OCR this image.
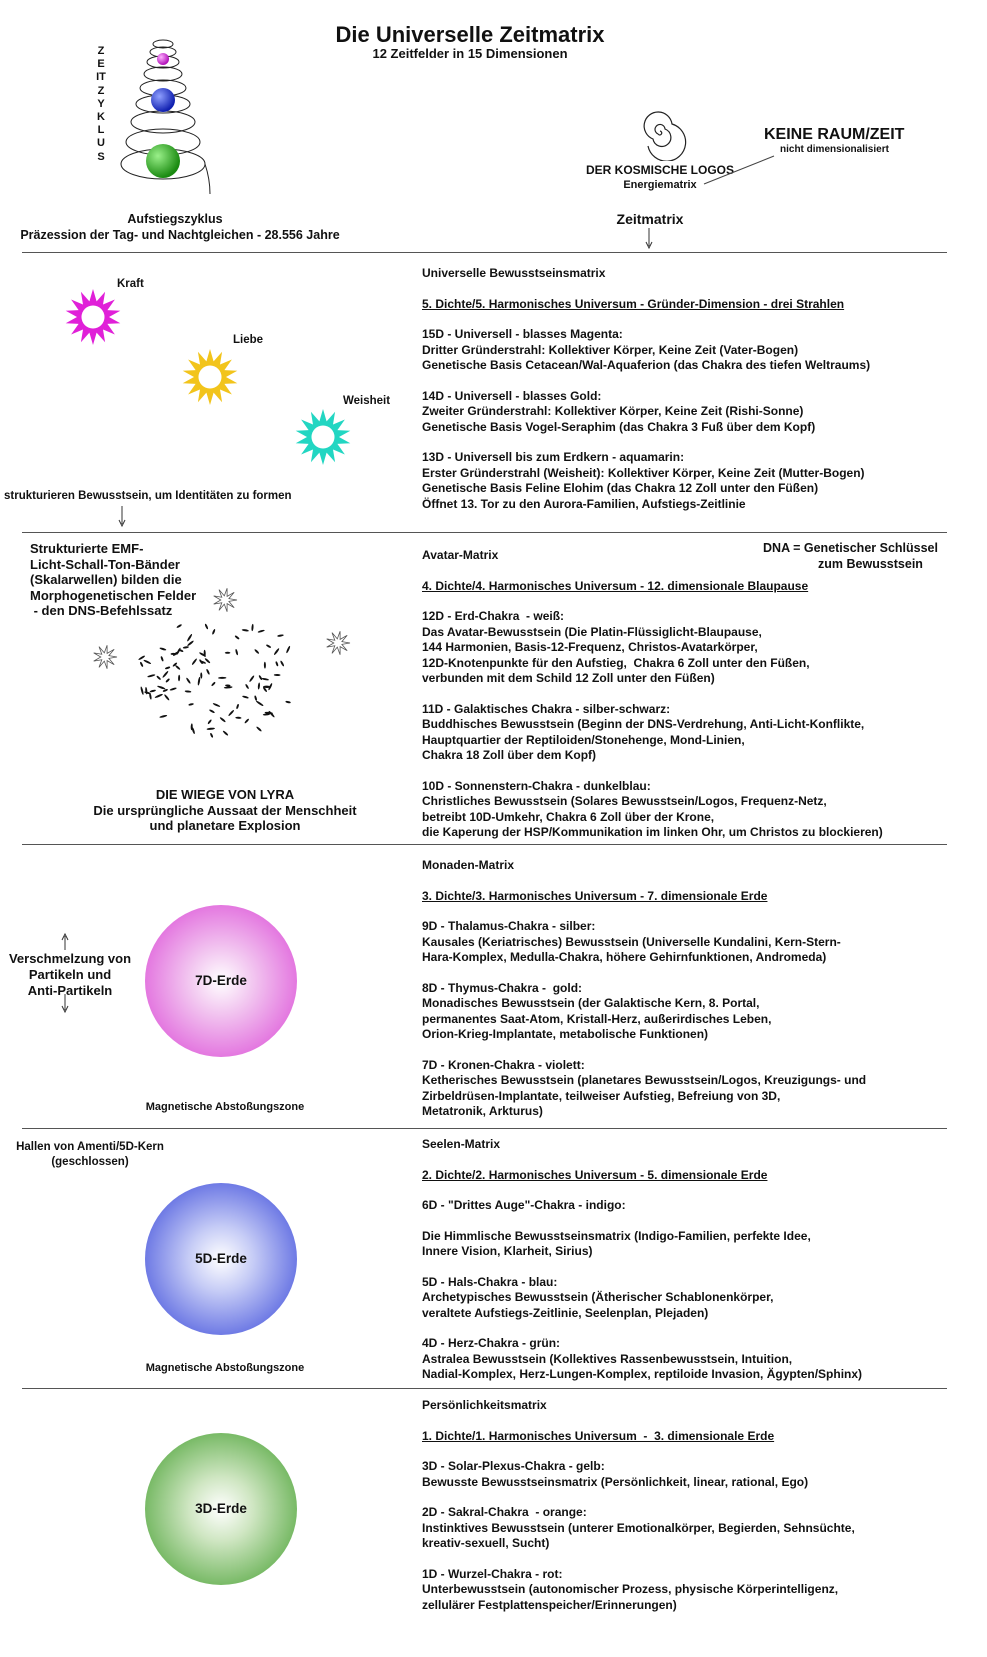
Die Universelle Zeitmatrix
12 Zeitfelder in 15 Dimensionen
ZEITZYKLUS
Aufstiegszyklus
Präzession der Tag- und Nachtgleichen - 28.556 Jahre
DER KOSMISCHE LOGOS
Energiematrix
KEINE RAUM/ZEIT
nicht dimensionalisiert
Zeitmatrix
Kraft
Liebe
Weisheit
strukturieren Bewusstsein, um Identitäten zu formen

Universelle Bewusstseinsmatrix

5. Dichte/5. Harmonisches Universum - Gründer-Dimension - drei Strahlen

15D - Universell - blasses Magenta:

Dritter Gründerstrahl: Kollektiver Körper, Keine Zeit (Vater-Bogen)

Genetische Basis Cetacean/Wal-Aquaferion (das Chakra des tiefen Weltraums)

14D - Universell - blasses Gold:

Zweiter Gründerstrahl: Kollektiver Körper, Keine Zeit (Rishi-Sonne)

Genetische Basis Vogel-Seraphim (das Chakra 3 Fuß über dem Kopf)

13D - Universell bis zum Erdkern - aquamarin:

Erster Gründerstrahl (Weisheit): Kollektiver Körper, Keine Zeit (Mutter-Bogen)

Genetische Basis Feline Elohim (das Chakra 12 Zoll unter den Füßen)

Öffnet 13. Tor zu den Aurora-Familien, Aufstiegs-Zeitlinie

Strukturierte EMF-

Licht-Schall-Ton-Bänder

(Skalarwellen) bilden die

Morphogenetischen Felder

- den DNS-Befehlssatz

DIE WIEGE VON LYRA

Die ursprüngliche Aussaat der Menschheit

und planetare Explosion

DNA = Genetischer Schlüssel

zum Bewusstsein

Avatar-Matrix

4. Dichte/4. Harmonisches Universum - 12. dimensionale Blaupause

12D - Erd-Chakra  - weiß:

Das Avatar-Bewusstsein (Die Platin-Flüssiglicht-Blaupause,

144 Harmonien, Basis-12-Frequenz, Christos-Avatarkörper,

12D-Knotenpunkte für den Aufstieg,  Chakra 6 Zoll unter den Füßen,

verbunden mit dem Schild 12 Zoll unter den Füßen)

11D - Galaktisches Chakra - silber-schwarz:

Buddhisches Bewusstsein (Beginn der DNS-Verdrehung, Anti-Licht-Konflikte,

Hauptquartier der Reptiloiden/Stonehenge, Mond-Linien,

Chakra 18 Zoll über dem Kopf)

10D - Sonnenstern-Chakra - dunkelblau:

Christliches Bewusstsein (Solares Bewusstsein/Logos, Frequenz-Netz,

betreibt 10D-Umkehr, Chakra 6 Zoll über der Krone,

die Kaperung der HSP/Kommunikation im linken Ohr, um Christos zu blockieren)

Verschmelzung von

Partikeln und

Anti-Partikeln

7D-Erde
Magnetische Abstoßungszone

Monaden-Matrix

3. Dichte/3. Harmonisches Universum - 7. dimensionale Erde

9D - Thalamus-Chakra - silber:

Kausales (Keriatrisches) Bewusstsein (Universelle Kundalini, Kern-Stern-

Hara-Komplex, Medulla-Chakra, höhere Gehirnfunktionen, Andromeda)

8D - Thymus-Chakra -  gold:

Monadisches Bewusstsein (der Galaktische Kern, 8. Portal,

permanentes Saat-Atom, Kristall-Herz, außerirdisches Leben,

Orion-Krieg-Implantate, metabolische Funktionen)

7D - Kronen-Chakra - violett:

Ketherisches Bewusstsein (planetares Bewusstsein/Logos, Kreuzigungs- und

Zirbeldrüsen-Implantate, teilweiser Aufstieg, Befreiung von 3D,

Metatronik, Arkturus)

Hallen von Amenti/5D-Kern

(geschlossen)

5D-Erde
Magnetische Abstoßungszone

Seelen-Matrix

2. Dichte/2. Harmonisches Universum - 5. dimensionale Erde

6D - "Drittes Auge"-Chakra - indigo:

Die Himmlische Bewusstseinsmatrix (Indigo-Familien, perfekte Idee,

Innere Vision, Klarheit, Sirius)

5D - Hals-Chakra - blau:

Archetypisches Bewusstsein (Ätherischer Schablonenkörper,

veraltete Aufstiegs-Zeitlinie, Seelenplan, Plejaden)

4D - Herz-Chakra - grün:

Astralea Bewusstsein (Kollektives Rassenbewusstsein, Intuition,

Nadial-Komplex, Herz-Lungen-Komplex, reptiloide Invasion, Ägypten/Sphinx)

3D-Erde

Persönlichkeitsmatrix

1. Dichte/1. Harmonisches Universum  -  3. dimensionale Erde

3D - Solar-Plexus-Chakra - gelb:

Bewusste Bewusstseinsmatrix (Persönlichkeit, linear, rational, Ego)

2D - Sakral-Chakra  - orange:

Instinktives Bewusstsein (unterer Emotionalkörper, Begierden, Sehnsüchte,

kreativ-sexuell, Sucht)

1D - Wurzel-Chakra - rot:

Unterbewusstsein (autonomischer Prozess, physische Körperintelligenz,

zellulärer Festplattenspeicher/Erinnerungen)
